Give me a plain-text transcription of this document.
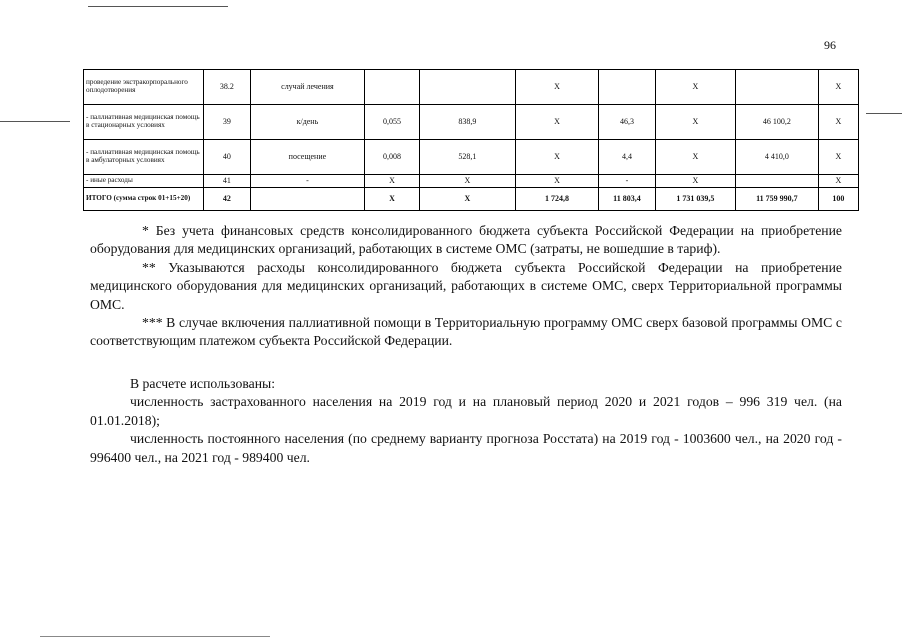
96
проведение экстракорпорального оплодотворения	38.2	случай лечения			Х		Х		Х
- паллиативная медицинская помощь в стационарных условиях	39	к/день	0,055	838,9	Х	46,3	Х	46 100,2	Х
- паллиативная медицинская помощь в амбулаторных условиях	40	посещение	0,008	528,1	Х	4,4	Х	4 410,0	Х
- иные расходы	41	-	Х	Х	Х	-	Х		Х
ИТОГО (сумма строк 01+15+20)	42		Х	Х	1 724,8	11 803,4	1 731 039,5	11 759 990,7	100

* Без учета финансовых средств консолидированного бюджета субъекта Российской Федерации на приобретение оборудования для медицинских организаций, работающих в системе ОМС (затраты, не вошедшие в тариф).

** Указываются расходы консолидированного бюджета субъекта Российской Федерации на приобретение медицинского оборудования для медицинских организаций, работающих в системе ОМС, сверх Территориальной программы ОМС.

*** В случае включения паллиативной помощи в Территориальную программу ОМС сверх базовой программы ОМС с соответствующим платежом субъекта Российской Федерации.

В расчете использованы:

численность застрахованного населения на 2019 год и на плановый период 2020 и 2021 годов – 996 319 чел. (на 01.01.2018);

численность постоянного населения (по среднему варианту прогноза Росстата) на 2019 год - 1003600 чел., на 2020 год - 996400 чел., на 2021 год - 989400 чел.
